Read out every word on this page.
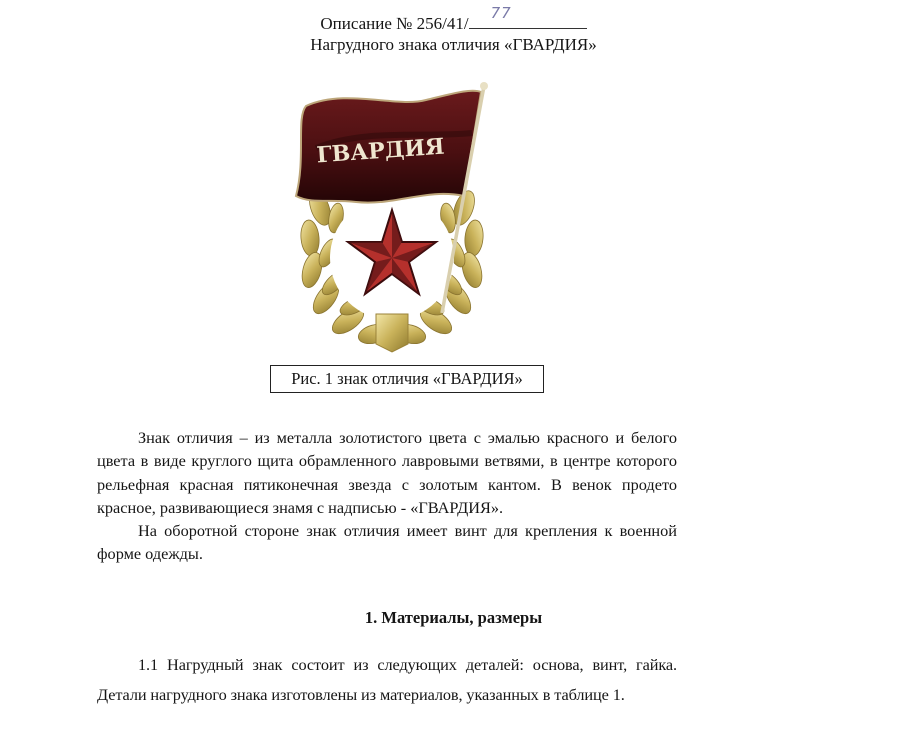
Описание № 256/41/
77
Нагрудного знака отличия «ГВАРДИЯ»
ГВАРДИЯ
Рис. 1 знак отличия «ГВАРДИЯ»

Знак отличия – из металла золотистого цвета с эмалью красного и белого цвета в виде круглого щита обрамленного лавровыми ветвями, в центре которого рельефная красная пятиконечная звезда с золотым кантом. В венок продето красное, развивающиеся знамя с надписью - «ГВАРДИЯ».

На оборотной стороне знак отличия имеет винт для крепления к военной форме одежды.

1. Материалы, размеры

1.1 Нагрудный знак состоит из следующих деталей: основа, винт, гайка. Детали нагрудного знака изготовлены из материалов, указанных в таблице 1.
